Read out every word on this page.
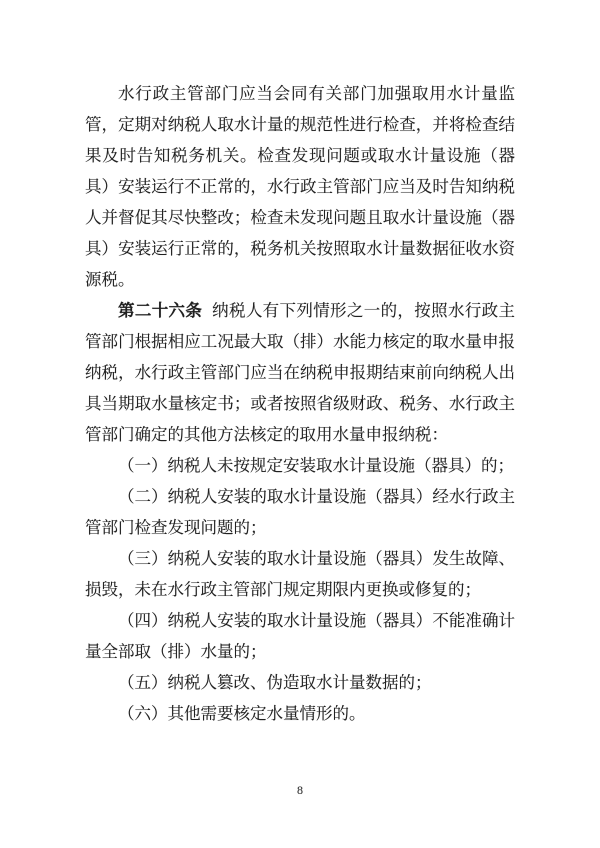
水行政主管部门应当会同有关部门加强取用水计量监管，定期对纳税人取水计量的规范性进行检查，并将检查结果及时告知税务机关。检查发现问题或取水计量设施（器具）安装运行不正常的，水行政主管部门应当及时告知纳税人并督促其尽快整改；检查未发现问题且取水计量设施（器具）安装运行正常的，税务机关按照取水计量数据征收水资源税。

第二十六条 纳税人有下列情形之一的，按照水行政主管部门根据相应工况最大取（排）水能力核定的取水量申报纳税，水行政主管部门应当在纳税申报期结束前向纳税人出具当期取水量核定书；或者按照省级财政、税务、水行政主管部门确定的其他方法核定的取用水量申报纳税：

（一）纳税人未按规定安装取水计量设施（器具）的；

（二）纳税人安装的取水计量设施（器具）经水行政主管部门检查发现问题的；

（三）纳税人安装的取水计量设施（器具）发生故障、损毁，未在水行政主管部门规定期限内更换或修复的；

（四）纳税人安装的取水计量设施（器具）不能准确计量全部取（排）水量的；

（五）纳税人篡改、伪造取水计量数据的；

（六）其他需要核定水量情形的。

8
